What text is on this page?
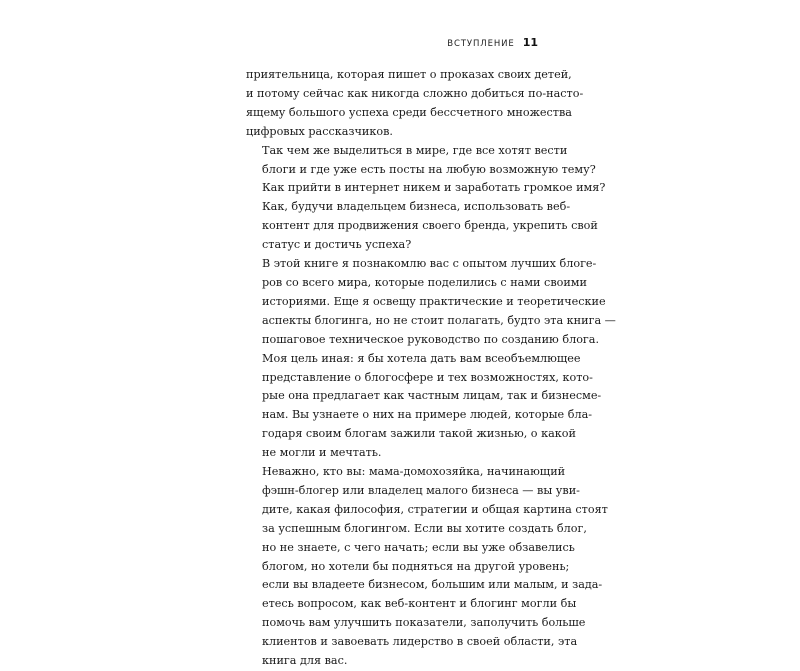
ВСТУПЛЕНИЕ 11

приятельница, которая пишет о проказах своих детей,
и потому сейчас как никогда сложно добиться по-насто-
ящему большого успеха среди бессчетного множества
цифровых рассказчиков.

Так чем же выделиться в мире, где все хотят вести
блоги и где уже есть посты на любую возможную тему?
Как прийти в интернет никем и заработать громкое имя?
Как, будучи владельцем бизнеса, использовать веб-
контент для продвижения своего бренда, укрепить свой
статус и достичь успеха?

В этой книге я познакомлю вас с опытом лучших блоге-
ров со всего мира, которые поделились с нами своими
историями. Еще я освещу практические и теоретические
аспекты блогинга, но не стоит полагать, будто эта книга —
пошаговое техническое руководство по созданию блога.
Моя цель иная: я бы хотела дать вам всеобъемлющее
представление о блогосфере и тех возможностях, кото-
рые она предлагает как частным лицам, так и бизнесме-
нам. Вы узнаете о них на примере людей, которые бла-
годаря своим блогам зажили такой жизнью, о какой
не могли и мечтать.

Неважно, кто вы: мама-домохозяйка, начинающий
фэшн-блогер или владелец малого бизнеса — вы уви-
дите, какая философия, стратегии и общая картина стоят
за успешным блогингом. Если вы хотите создать блог,
но не знаете, с чего начать; если вы уже обзавелись
блогом, но хотели бы подняться на другой уровень;
если вы владеете бизнесом, большим или малым, и зада-
етесь вопросом, как веб-контент и блогинг могли бы
помочь вам улучшить показатели, заполучить больше
клиентов и завоевать лидерство в своей области, эта
книга для вас.
